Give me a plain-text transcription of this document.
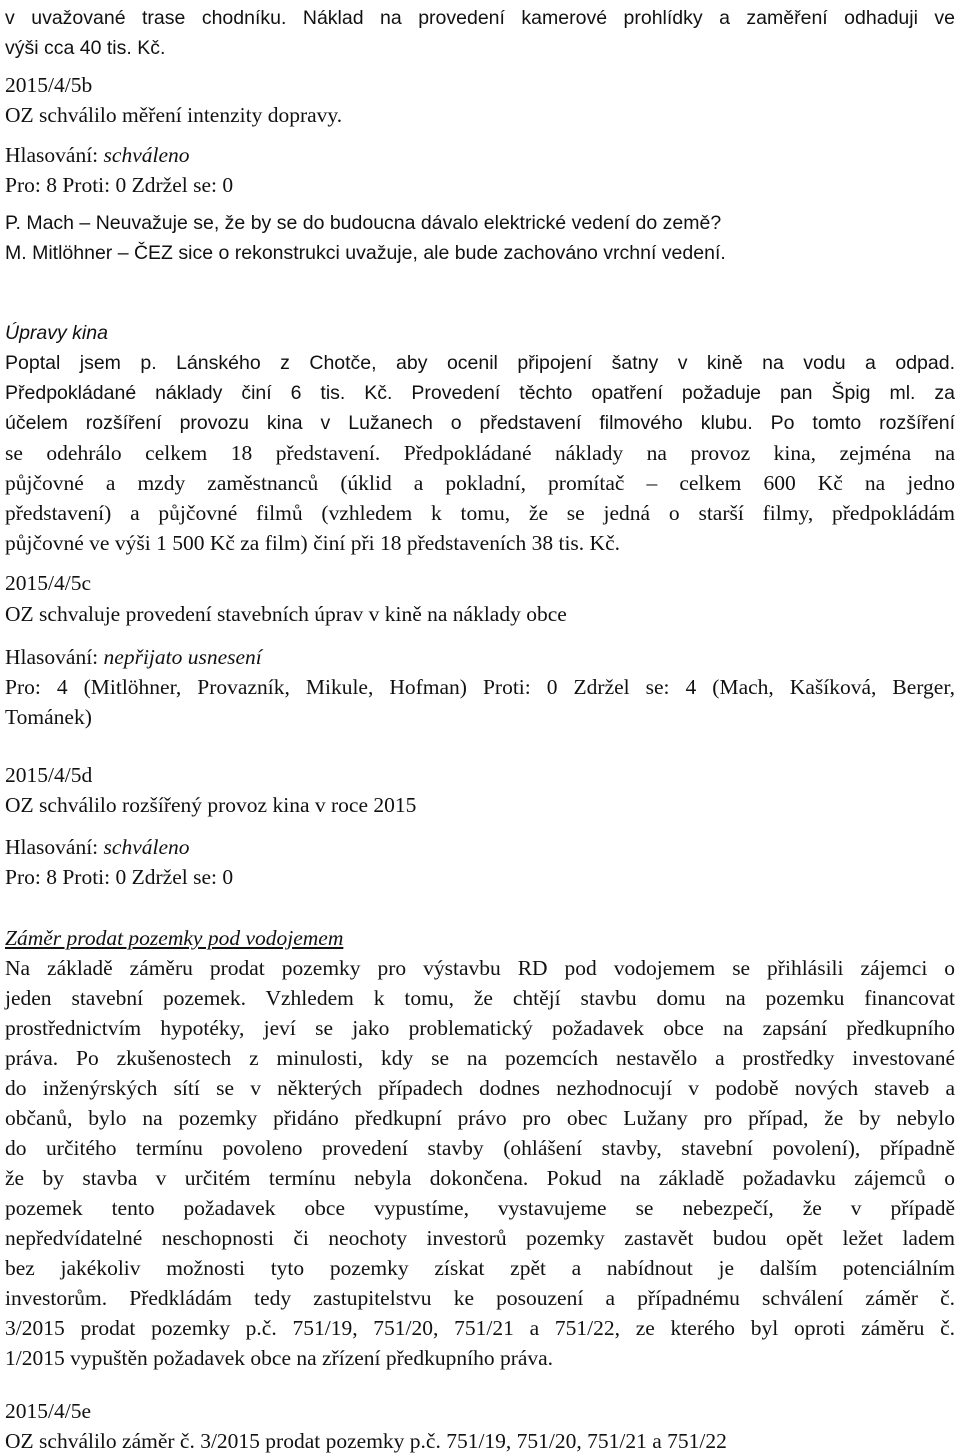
v uvažované trase chodníku. Náklad na provedení kamerové prohlídky a zaměření odhaduji ve
výši cca 40 tis. Kč.
2015/4/5b
OZ schválilo měření intenzity dopravy.
Hlasování: schváleno
Pro: 8 Proti: 0 Zdržel se: 0
P. Mach – Neuvažuje se, že by se do budoucna dávalo elektrické vedení do země?
M. Mitlöhner – ČEZ sice o rekonstrukci uvažuje, ale bude zachováno vrchní vedení.
Úpravy kina
Poptal jsem p. Lánského z Chotče, aby ocenil připojení šatny v kině na vodu a odpad.
Předpokládané náklady činí 6 tis. Kč. Provedení těchto opatření požaduje pan Špig ml. za
účelem rozšíření provozu kina v Lužanech o představení filmového klubu. Po tomto rozšíření
se odehrálo celkem 18 představení. Předpokládané náklady na provoz kina, zejména na
půjčovné a mzdy zaměstnanců (úklid a pokladní, promítač – celkem 600 Kč na jedno
představení) a půjčovné filmů (vzhledem k tomu, že se jedná o starší filmy, předpokládám
půjčovné ve výši 1 500 Kč za film) činí při 18 představeních 38 tis. Kč.
2015/4/5c
OZ schvaluje provedení stavebních úprav v kině na náklady obce
Hlasování: nepřijato usnesení
Pro: 4 (Mitlöhner, Provazník, Mikule, Hofman) Proti: 0 Zdržel se: 4 (Mach, Kašíková, Berger,
Tománek)
2015/4/5d
OZ schválilo rozšířený provoz kina v roce 2015
Hlasování: schváleno
Pro: 8 Proti: 0 Zdržel se: 0
Záměr prodat pozemky pod vodojemem
Na základě záměru prodat pozemky pro výstavbu RD pod vodojemem se přihlásili zájemci o
jeden stavební pozemek. Vzhledem k tomu, že chtějí stavbu domu na pozemku financovat
prostřednictvím hypotéky, jeví se jako problematický požadavek obce na zapsání předkupního
práva. Po zkušenostech z minulosti, kdy se na pozemcích nestavělo a prostředky investované
do inženýrských sítí se v některých případech dodnes nezhodnocují v podobě nových staveb a
občanů, bylo na pozemky přidáno předkupní právo pro obec Lužany pro případ, že by nebylo
do určitého termínu povoleno provedení stavby (ohlášení stavby, stavební povolení), případně
že by stavba v určitém termínu nebyla dokončena. Pokud na základě požadavku zájemců o
pozemek tento požadavek obce vypustíme, vystavujeme se nebezpečí, že v případě
nepředvídatelné neschopnosti či neochoty investorů pozemky zastavět budou opět ležet ladem
bez jakékoliv možnosti tyto pozemky získat zpět a nabídnout je dalším potenciálním
investorům. Předkládám tedy zastupitelstvu ke posouzení a případnému schválení záměr č.
3/2015 prodat pozemky p.č. 751/19, 751/20, 751/21 a 751/22, ze kterého byl oproti záměru č.
1/2015 vypuštěn požadavek obce na zřízení předkupního práva.
2015/4/5e
OZ schválilo záměr č. 3/2015 prodat pozemky p.č. 751/19, 751/20, 751/21 a 751/22
